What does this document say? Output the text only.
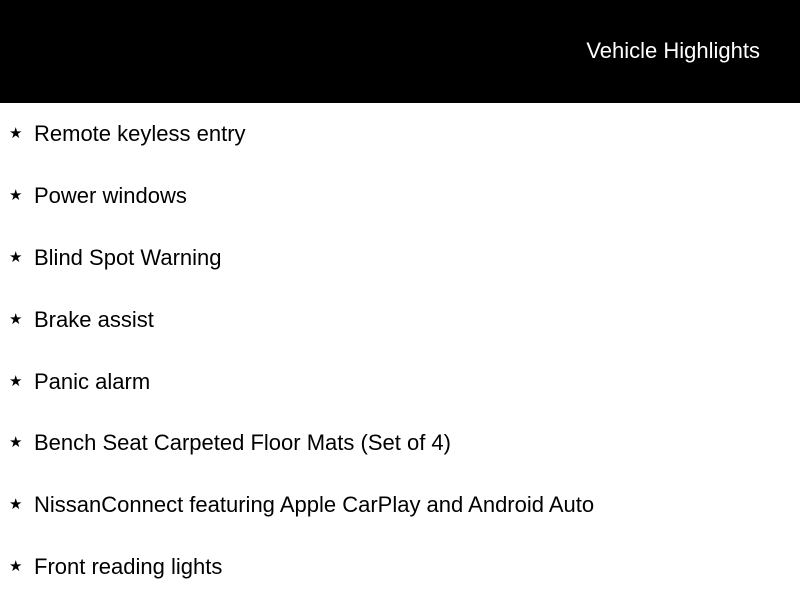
Vehicle Highlights
★ Remote keyless entry
★ Power windows
★ Blind Spot Warning
★ Brake assist
★ Panic alarm
★ Bench Seat Carpeted Floor Mats (Set of 4)
★ NissanConnect featuring Apple CarPlay and Android Auto
★ Front reading lights
